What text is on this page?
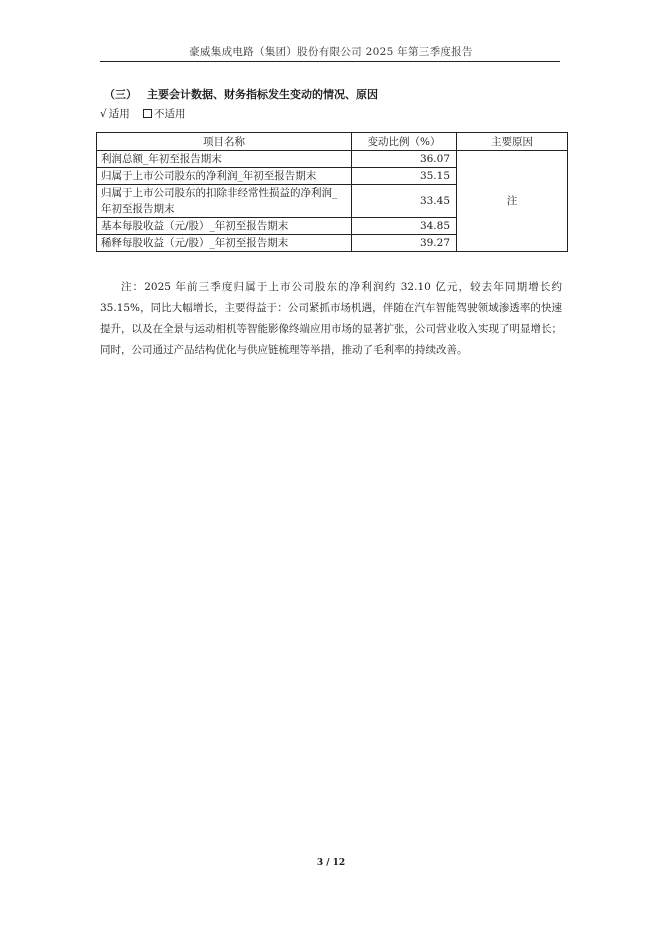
豪威集成电路（集团）股份有限公司 2025 年第三季度报告
（三） 主要会计数据、财务指标发生变动的情况、原因
√ 适用 不适用
项目名称	变动比例（%）	主要原因
利润总额_年初至报告期末	36.07	注
归属于上市公司股东的净利润_年初至报告期末	35.15	
归属于上市公司股东的扣除非经常性损益的净利润_年初至报告期末	33.45	
基本每股收益（元/股）_年初至报告期末	34.85	
稀释每股收益（元/股）_年初至报告期末	39.27	

注：2025 年前三季度归属于上市公司股东的净利润约 32.10 亿元，较去年同期增长约 35.15%，同比大幅增长，主要得益于：公司紧抓市场机遇，伴随在汽车智能驾驶领域渗透率的快速提升，以及在全景与运动相机等智能影像终端应用市场的显著扩张，公司营业收入实现了明显增长；同时，公司通过产品结构优化与供应链梳理等举措，推动了毛利率的持续改善。

3 / 12
